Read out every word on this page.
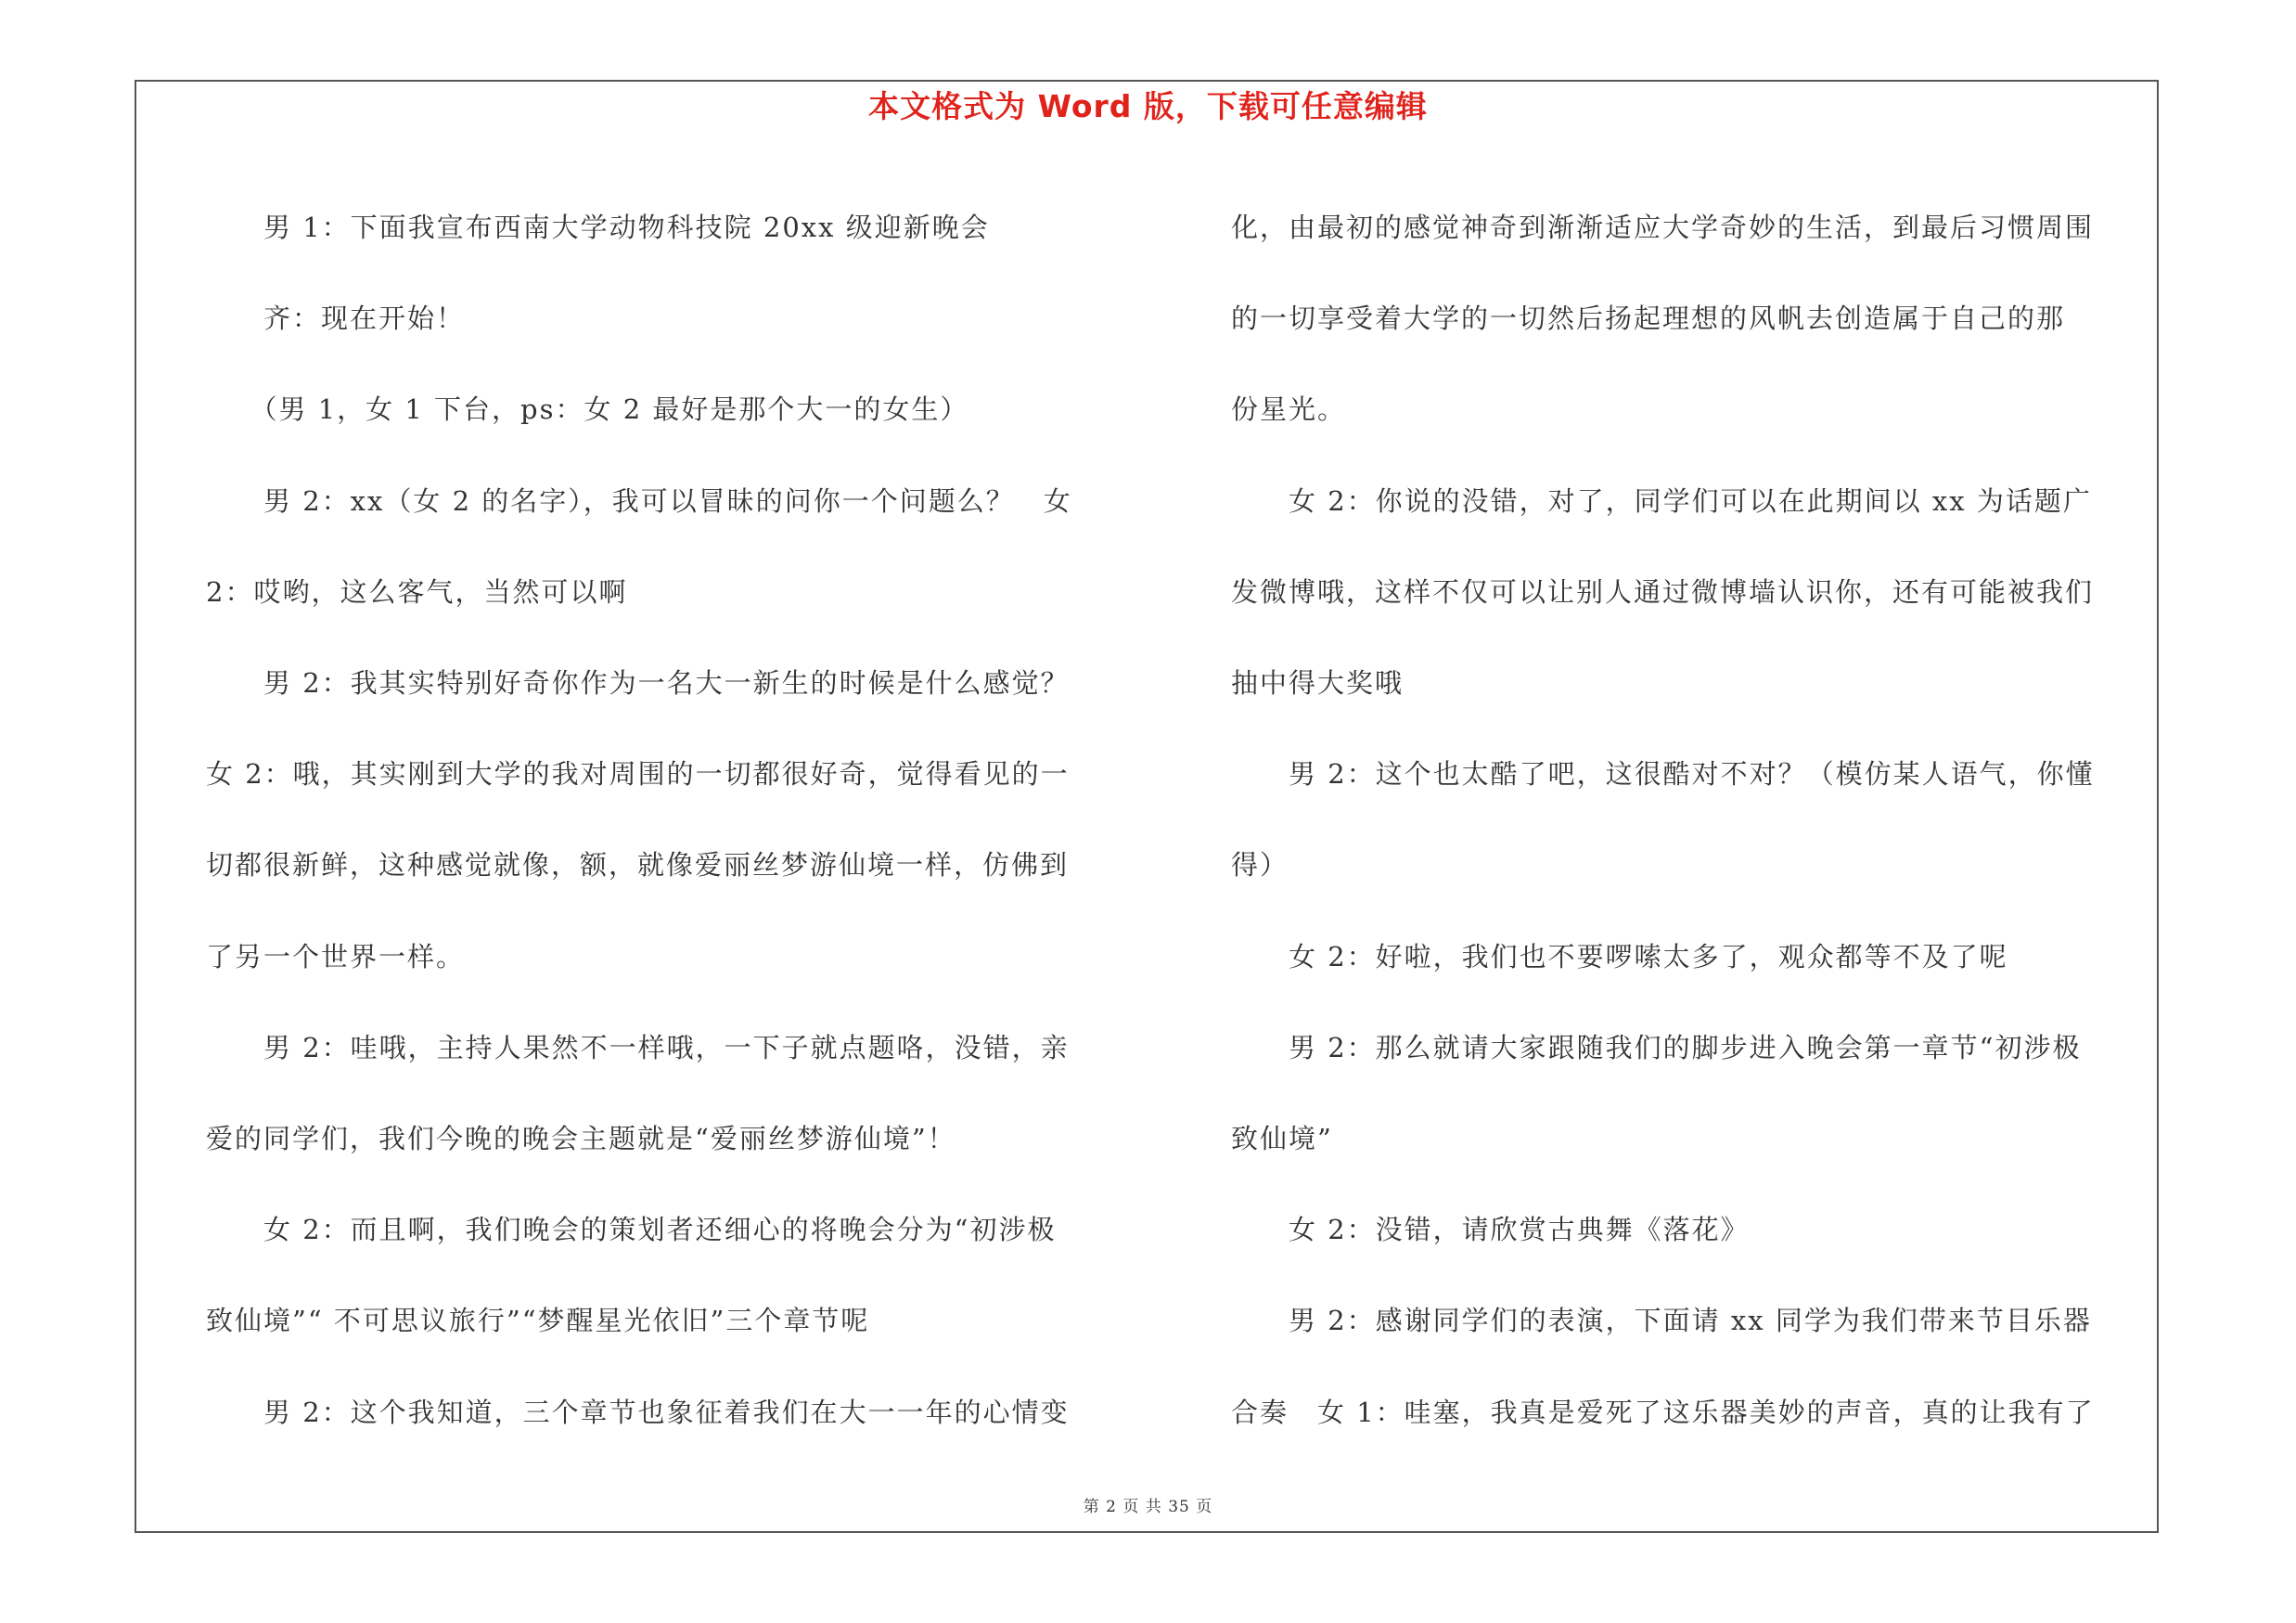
本文格式为 Word 版，下载可任意编辑
　　男 1：下面我宣布西南大学动物科技院 20xx 级迎新晚会
　　齐：现在开始！
　　（男 1，女 1 下台，ps：女 2 最好是那个大一的女生）
　　男 2：xx（女 2 的名字），我可以冒昧的问你一个问题么？　女
2：哎哟，这么客气，当然可以啊
　　男 2：我其实特别好奇你作为一名大一新生的时候是什么感觉？
女 2：哦，其实刚到大学的我对周围的一切都很好奇，觉得看见的一
切都很新鲜，这种感觉就像，额，就像爱丽丝梦游仙境一样，仿佛到
了另一个世界一样。
　　男 2：哇哦，主持人果然不一样哦，一下子就点题咯，没错，亲
爱的同学们，我们今晚的晚会主题就是“爱丽丝梦游仙境”！
　　女 2：而且啊，我们晚会的策划者还细心的将晚会分为“初涉极
致仙境”“ 不可思议旅行”“梦醒星光依旧”三个章节呢
　　男 2：这个我知道，三个章节也象征着我们在大一一年的心情变
化，由最初的感觉神奇到渐渐适应大学奇妙的生活，到最后习惯周围
的一切享受着大学的一切然后扬起理想的风帆去创造属于自己的那
份星光。
　　女 2：你说的没错，对了，同学们可以在此期间以 xx 为话题广
发微博哦，这样不仅可以让别人通过微博墙认识你，还有可能被我们
抽中得大奖哦
　　男 2：这个也太酷了吧，这很酷对不对？（模仿某人语气，你懂
得）
　　女 2：好啦，我们也不要啰嗦太多了，观众都等不及了呢
　　男 2：那么就请大家跟随我们的脚步进入晚会第一章节“初涉极
致仙境”
　　女 2：没错，请欣赏古典舞《落花》
　　男 2：感谢同学们的表演，下面请 xx 同学为我们带来节目乐器
合奏　女 1：哇塞，我真是爱死了这乐器美妙的声音，真的让我有了
第 2 页 共 35 页
